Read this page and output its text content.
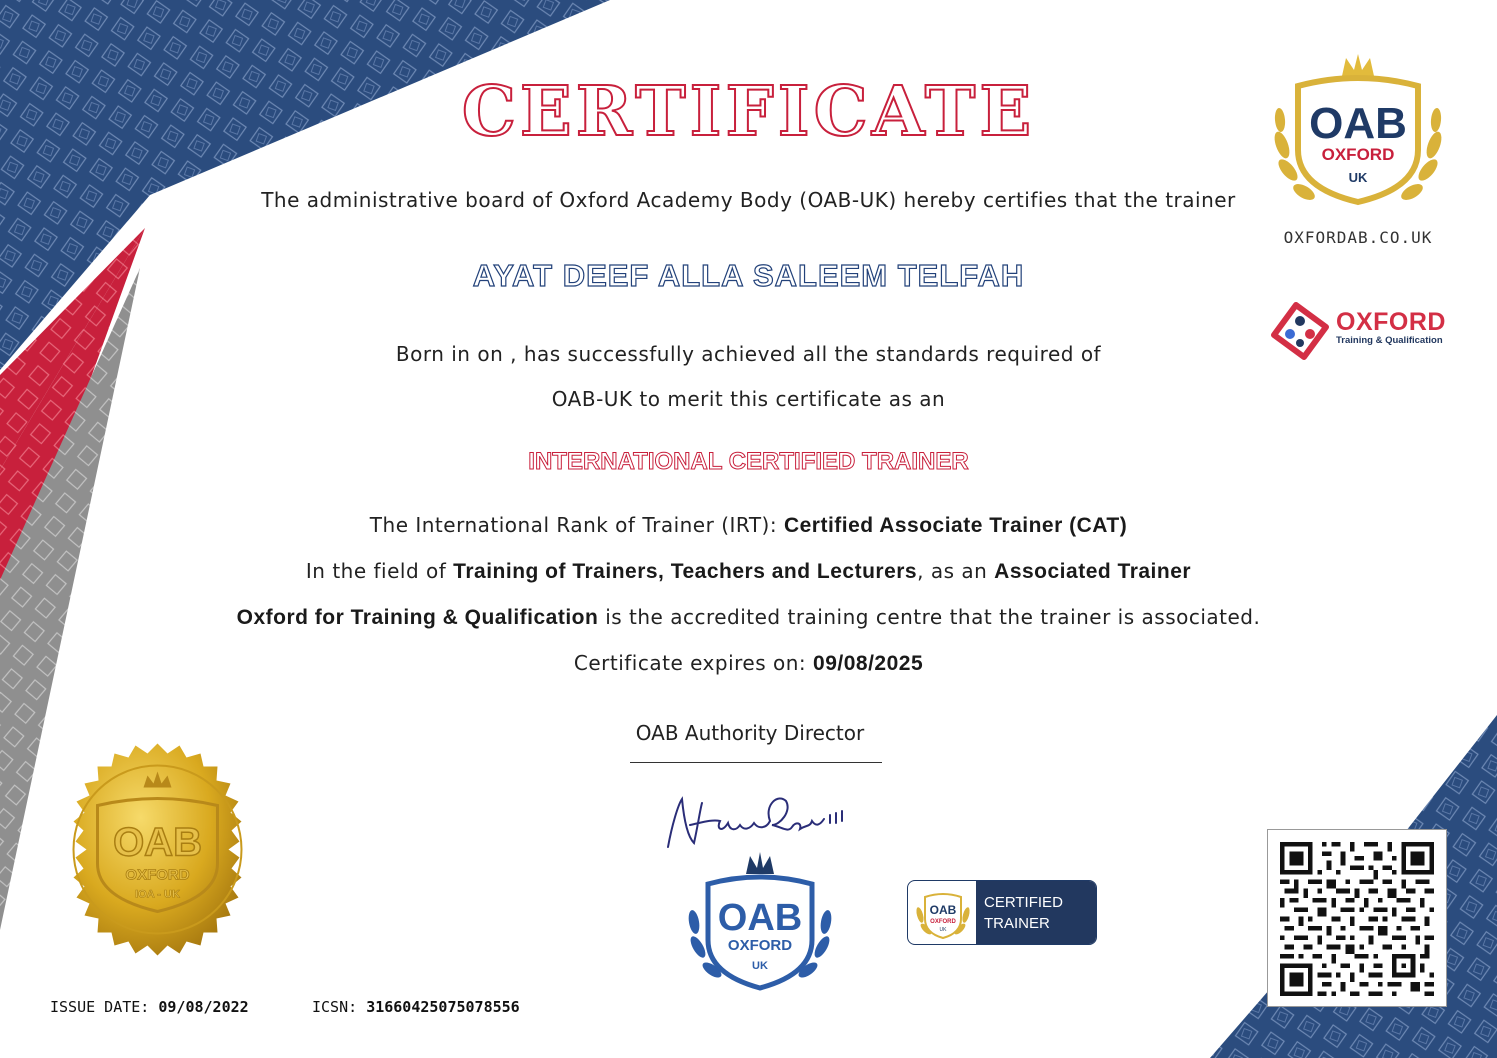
CERTIFICATE
The administrative board of Oxford Academy Body (OAB-UK) hereby certifies that the trainer
AYAT DEEF ALLA SALEEM TELFAH
Born in on , has successfully achieved all the standards required of
OAB-UK to merit this certificate as an
INTERNATIONAL CERTIFIED TRAINER
The International Rank of Trainer (IRT): Certified Associate Trainer (CAT)
In the field of Training of Trainers, Teachers and Lecturers, as an Associated Trainer
Oxford for Training & Qualification is the accredited training centre that the trainer is associated.
Certificate expires on: 09/08/2025
OAB Authority Director
OAB
OXFORD
UK
OXFORDAB.CO.UK
OXFORD
Training & Qualification
OAB
OXFORD
IOA - UK
OAB
OXFORD
UK
OAB
OXFORD
UK
CERTIFIED
TRAINER
ISSUE DATE: 09/08/2022	ICSN: 31660425075078556
